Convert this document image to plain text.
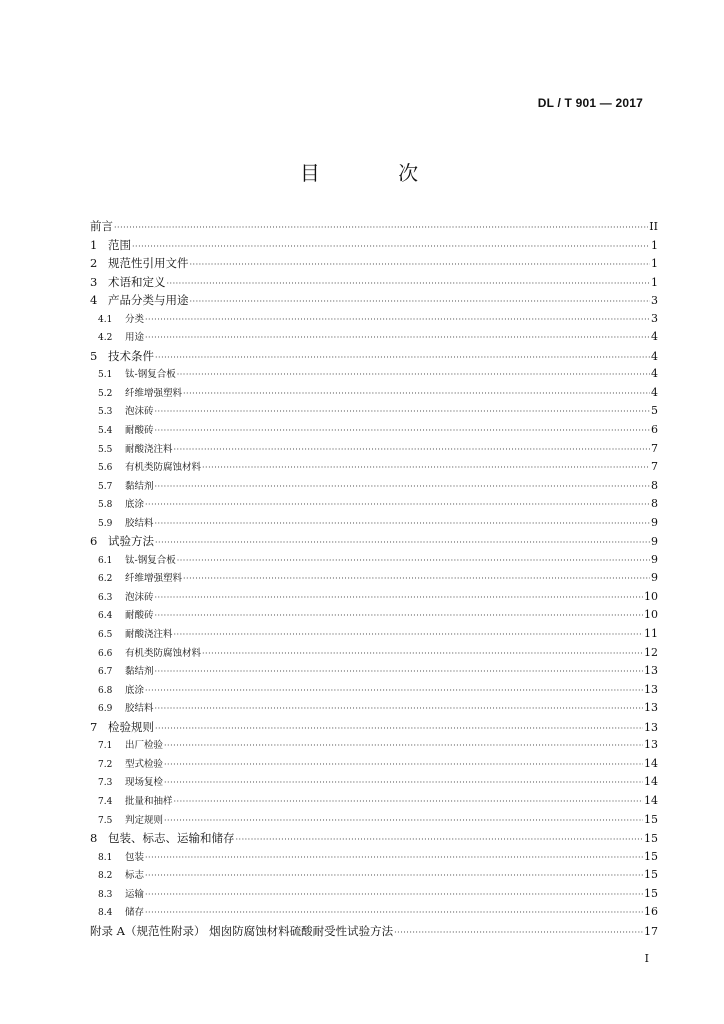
DL / T 901 — 2017
目 次
前言 ·····	II
1 范围 ·····	1
2 规范性引用文件 ·····	1
3 术语和定义 ·····	1
4 产品分类与用途 ·····	3
4.1	分类 ·····	3
4.2	用途 ·····	4
5 技术条件 ·····	4
5.1	钛-钢复合板 ·····	4
5.2	纤维增强塑料 ·····	4
5.3	泡沫砖 ·····	5
5.4	耐酸砖 ·····	6
5.5	耐酸浇注料 ·····	7
5.6	有机类防腐蚀材料 ·····	7
5.7	黏结剂 ·····	8
5.8	底涂 ·····	8
5.9	胶结料 ·····	9
6 试验方法 ·····	9
6.1	钛-钢复合板 ·····	9
6.2	纤维增强塑料 ·····	9
6.3	泡沫砖 ·····	10
6.4	耐酸砖 ·····	10
6.5	耐酸浇注料 ·····	11
6.6	有机类防腐蚀材料 ·····	12
6.7	黏结剂 ·····	13
6.8	底涂 ·····	13
6.9	胶结料 ·····	13
7 检验规则 ·····	13
7.1	出厂检验 ·····	13
7.2	型式检验 ·····	14
7.3	现场复检 ·····	14
7.4	批量和抽样 ·····	14
7.5	判定规则 ·····	15
8 包装、标志、运输和储存 ·····	15
8.1	包装 ·····	15
8.2	标志 ·····	15
8.3	运输 ·····	15
8.4	储存 ·····	16
附录 A（规范性附录） 烟囱防腐蚀材料硫酸耐受性试验方法 ·····	17
I
